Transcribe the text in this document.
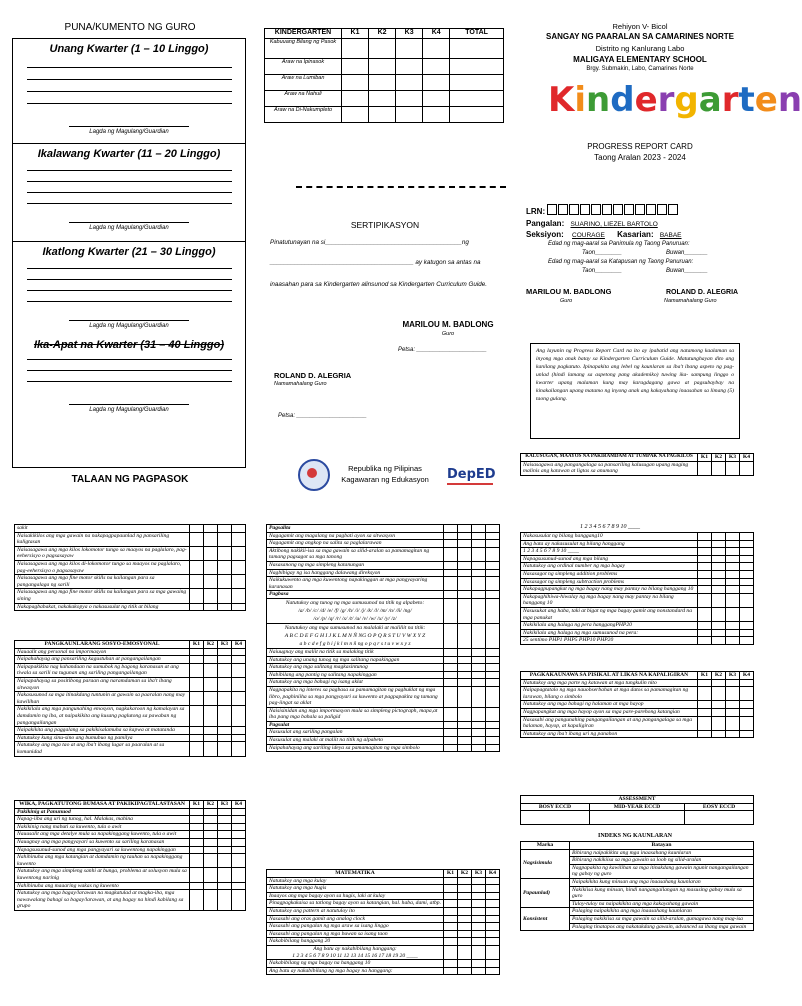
PUNA/KUMENTO NG GURO
Unang Kwarter (1 – 10 Linggo)
Lagda ng Magulang/Guardian
Ikalawang Kwarter (11 – 20 Linggo)
Lagda ng Magulang/Guardian
Ikatlong Kwarter (21 – 30 Linggo)
Lagda ng Magulang/Guardian
Ika-Apat na Kwarter (31 – 40 Linggo)
Lagda ng Magulang/Guardian
TALAAN NG PAGPASOK
KINDERGARTEN	K1	K2	K3	K4	TOTAL
Kabuuang Bilang ng Pasok					
Araw na Ipinasok					
Araw na Lumiban					
Araw na Nahuli					
Araw na Di-Nakumpleto					
SERTIPIKASYON
Pinatutunayan na si_______________________________________ng
_________________________________________ ay katugon sa antas na
inaasahan para sa Kindergarten alinsunod sa Kindergarten Curriculum Guide.
MARILOU M. BADLONG
Guro
Petsa: _____________________
ROLAND D. ALEGRIA
Namamahalang Guro
Petsa: _____________________
Republika ng Pilipinas
Kagawaran ng Edukasyon	DepED
Rehiyon V- Bicol
SANGAY NG PAARALAN SA CAMARINES NORTE
Distrito ng Kanlurang Labo
MALIGAYA ELEMENTARY SCHOOL
Brgy. Submakin, Labo, Camarines Norte
Kindergarten
PROGRESS REPORT CARD
Taong Aralan 2023 - 2024
LRN:
Pangalan: SUARINO, LIEZEL BARTOLO
Seksiyon: COURAGE Kasarian: BABAE
Edad ng mag-aaral sa Panimula ng Taong Panuruan:
Taon________	Buwan_______
Edad ng mag-aaral sa Katapusan ng Taong Panuruan:
Taon________	Buwan_______
MARILOU M. BADLONG
Guro
ROLAND D. ALEGRIA
Namamahalang Guro
Ang layunin ng Progress Report Card na ito ay ipabatid ang natamong kaalaman sa inyong mga anak batay sa Kindergarten Curriculum Guide. Matutunghayan dito ang kanilang pagkatuto. Ipinapakita ang lebel ng kaunlaran sa iba't ibang aspeto ng pag-unlad (hindi lamang sa aspetong pang akademiko) tuwing ika- sampung linggo o kwarter upang malaman kung may karagdagang gawa at pagsubaybay na kinakailangan upang matamo ng inyong anak ang kakayahang inaasahan sa limang (5) taong gulang.
KALUSUGAN, MAAYOS NA PAKIRAMDAM AT TUMPAK NA PAGKILOS	K1	K2	K3	K4
Naisasagawa ang pangangalaga sa pansariling kalusugan upang maging malinis ang katawan at ligtas sa anumang				
sakit				
Naisakikilos ang mga gawain na nakapagpapaunlad ng pansariling kaligtasan				
Naisasagawa ang mga kilos lokomotor tungo sa maayos na paglalaro, pag-eehersisyo o pagsasayaw				
Naisasagawa ang mga kilos di-lokomotor tungo sa maayos na paglalaro, pag-eehersisyo o pagsasayaw				
Naisasagawa ang mga fine motor skills na kailangan para sa pangangalaga ng sarili				
Naisasagawa ang mga fine motor skills na kailangan para sa mga gawaing sining				
Nakapagbabakat, nakakakopya o nakasusulat ng titik at bilang				
PANGKAUNLARANG SOSYO-EMOSYONAL	K1	K2	K3	K4
Nauaalit ang personal na impormasyon				
Naipahahayag ang pansariling kagustuhan at pangangailangan				
Naipapakikita nag kahandaan na sumubok ng bagong karanasan at ang tiwala sa sarili na tugunan ang sariling pangangailangan				
Naipapahayag sa positibong paraan ang naramdaman sa iba't ibang sitwasyon				
Nakasusunod sa mga itinakdang tuntunin at gawain sa paaralan nang may kawilihan				
Nakikilala ang mga pangunahing emosyon, nagkakaroon ng kamalayan sa damdamin ng iba, at naipakikita ang kusang paglutong sa pawaban ng pangangailangan				
Naipakikita ang paggalang sa pakikisalamuha sa kapwa at matatanda				
Natutukoy kung sinu-sino ang bumubuo ng pamilya				
Natutukoy ang mga tao at ang iba't ibang lugar sa paaralan at sa komunidad				
WIKA, PAGKATUTONG BUMASA AT PAKIKIPAGTALASTASAN	K1	K2	K3	K4
Pakikinig at Panunuod				
Napag-iiba ang uri ng tunog, hal. Malakas, mahina				
Nakikinig nang mabuti sa kuwento, tula o awit				
Nauusalit ang mga detalye mula sa napakinggang kuwento, tula o awit				
Nauugnay ang mga pangyayari sa kuwento sa sariling karanasan				
Napagsusunud-sunod ang mga pangyayari sa kuwentong napakinggan				
Nahihinuha ang mga katangian at damdamin ng tauhan sa napakinggang kuwento				
Natutukoy ang mga simpleng sanhi at bunga, problema at solusyon mula sa kuwentong narinig				
Nahihinuha ang maaaring wakas ng kuwento				
Natutukoy ang mga bagay/larawan na magkatulad at magka-iba, mga nawawalang bahagi sa bagay/larawan, at ang bagay na hindi kabilang sa grupo				
Pagsalita				
Nagagamit ang magalang na pagbati ayon sa sitwasyon				
Nagagamit ang angkop na salita sa paglalarawan				
Aktibong nakikii-isa sa mga gawain sa silid-aralan sa pamamagitan ng tamang pagsagot sa mga tanong				
Nasasanong ng mga simpleng katanungan				
Nagbibigay ng isa hanggang dalawang direksyon				
Naikukuwento ang mga kuwentong napakinggan at mga pangyayaring karanasan				
Pagbasa				

Natutukoy ang tunog ng mga sumusunod na titik ng alpabeto:
/a/ /b/ /c/ /d/ /e/ /f/ /g/ /h/ /i/ /j/ /k/ /l/ /m/ /n/ /ñ/ /ng/
/o/ /p/ /q/ /r/ /s/ /t/ /u/ /v/ /w/ /x/ /y/ /z/				

Natutukoy ang mga sumusunod na malalaki at maliliit na titik:
A B C D E F G H I J K L M N Ñ NG O P Q R S T U V W X Y Z
a b c d e f g h i j k l m n ñ ng o p q r s t u v w x y z				

Naiuugnay ang maliit na titik sa malaking titik				
Natutukoy ang unang tunog ng mga salitang napakinggan				
Natutukoy ang mga salitang magkasintunog				
Nabibilang ang pantig ng salitang napakinggan				
Natutukoy ang mga bahagi ng isang aklat				
Nagpapakita ng interes sa pagbasa sa pamamagitan ng pagbuklat ng mga libro, paghiniiha sa mga pangyayari sa kuwento at pagpapakita ng tamang pag-iingat sa aklat				
Naisisinidan ang mga impormasyon mula sa simpleng pictograph, mapa,at iba pang mga bahala sa paligid				
Pagsulat				
Nasusulat ang sariling pangalan				
Nasusulat ang malaki at maliit na titik ng alpabeto				
Naipahahayag ang sariling ideya sa pamamagitan ng mga simbolo				
MATEMATIKA	K1	K2	K3	K4
Natutukoy ang mga kulay				
Natutukoy ang mga hugis				
Inaayos ang mga bagay ayon sa hugis, laki at kulay				
Pinagpagkakaisa sa tatlong bagay ayon sa katangian, hal. haba, dami, atbp.				
Natutukoy ang pattern at natutuloy ito				
Nasasabi ang oras gamit ang analog clock				
Nasasabi ang pangalan ng mga araw sa isang linggo				
Nasasabi ang pangalan ng mga buwan sa isang taon				
Nakabibilang hanggang 20				

Ang batu ay nakabibilang hanggang:
1 2 3 4 5 6 7 8 9 10 11 12 13 14 15 16 17 18 19 20 ____				

Nakabibilang ng mga bagay na hanggang 10				
Ang batu ay nakabibilang ng mga bagay na hanggang:				
1 2 3 4 5 6 7 8 9 10 ____
Nakasusulat ng bilang hanggang10				
Ang bata ay nakasusulat ng bilang hanggang				
1 2 3 4 5 6 7 8 9 10 ____				
Napagsusunud-sunod ang mga bilang				
Natutukoy ang ordinal number ng mga bagay				
Nasasagot ng simpleng addition problems				
Nasasagot ng simpleng subtraction problems				
Nakapagpupangkat ng mga bagay nang may pantay na bilang hanggang 10				
Nakapaghihiwa-hiwalay ng mga bagay nang may pantay na bilang hanggang 10				
Nasusukat ang haba, taki at bigat ng mga bagay gamit ang nonstandard na mga panukat				
Nakikilala ang halaga ng pera hanggangPHP20				
Nakikilala ang halaga ng mga sumusunod na pera:				
25 sentimo PHP1 PHP5 PHP10 PHP20				
PAGKAKAUNAWA SA PISIKAL AT LIKAS NA KAPALIGIRAN	K1	K2	K3	K4
Natutukoy ang mga parte ng katawan at mga tungkulin nito				
Naipapagtatalo ng mga nauobserbahan at mga datos sa pamamagitan ng larawan, bilang o simbolo				
Natutukoy ang mga bahagi ng halaman at mga hayop				
Nagpapangkat ang mga hayop ayon sa mga pare-parehong katangian				
Nasasabi ang pangunahing pangangailangan at ang pangangalaga sa mga halaman, hayop, at kapaligiran				
Natutukoy ang iba't ibang uri ng panahon				
ASSESSMENT		
BOSY ECCD	MID-YEAR ECCD	EOSY ECCD

INDEKS NG KAUNLARAN
Marka	Batayan
Nagsisimula	Bihirang naipakikita ang mga inaasahang kaunlaran
	Bihirang nakikiisa sa mga gawain sa loob ng silid-aralan
	Nagpapakita ng kawilihan sa mga itinakdang gawain ngunit nangangailangan ng gabay ng guro
Papaunlad)	Naipakikita kung minsan ang mga inaasahang kaunlaran
	Nakikiisa kung minsan, hindi nangangailangan ng masusing gabay mula sa guro
	Tuloy-tuloy na naipakikita ang mga kakayahang gawain
Konsistent	Palaging naipakikita ang mga inaasahang kaunlaran
	Palaging nakikiisa sa mga gawain sa silid-aralan, gumagawa nang mag-isa
	Palaging tinatapos ang nakatakdang gawain, advanced sa ibang mga gawain
